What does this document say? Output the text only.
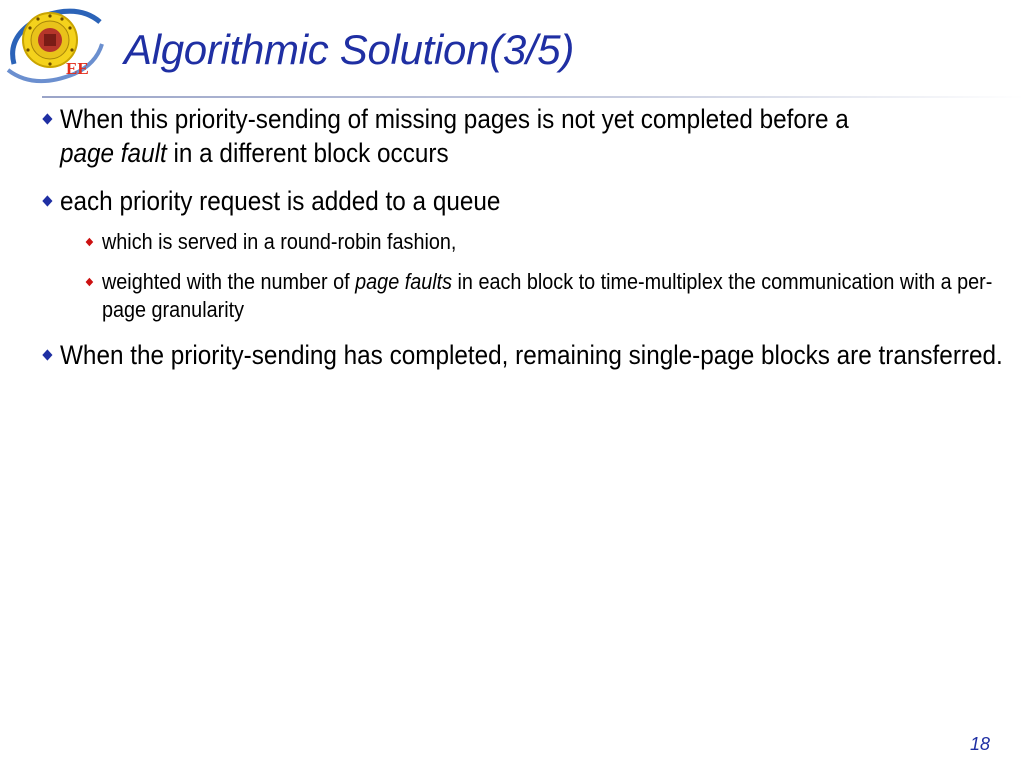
EE Algorithmic Solution(3/5)
When this priority-sending of missing pages is not yet completed before a
page fault in a different block occurs
each priority request is added to a queue
which is served in a round-robin fashion,
weighted with the number of page faults in each block to time-multiplex the communication with a per-page granularity
When the priority-sending has completed, remaining single-page blocks are transferred.
18
